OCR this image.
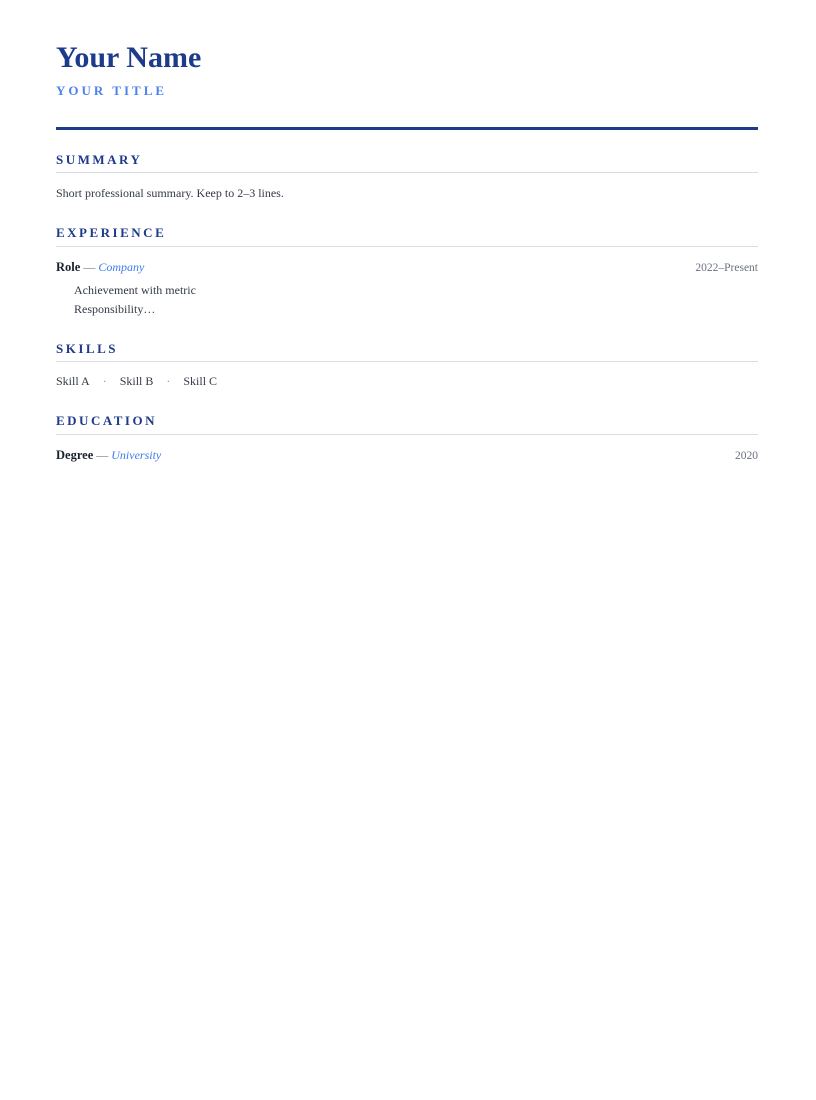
Your Name
YOUR TITLE
SUMMARY
Short professional summary. Keep to 2–3 lines.
EXPERIENCE
Role — Company	2022–Present
Achievement with metric
Responsibility…
SKILLS
Skill A · Skill B · Skill C
EDUCATION
Degree — University	2020
